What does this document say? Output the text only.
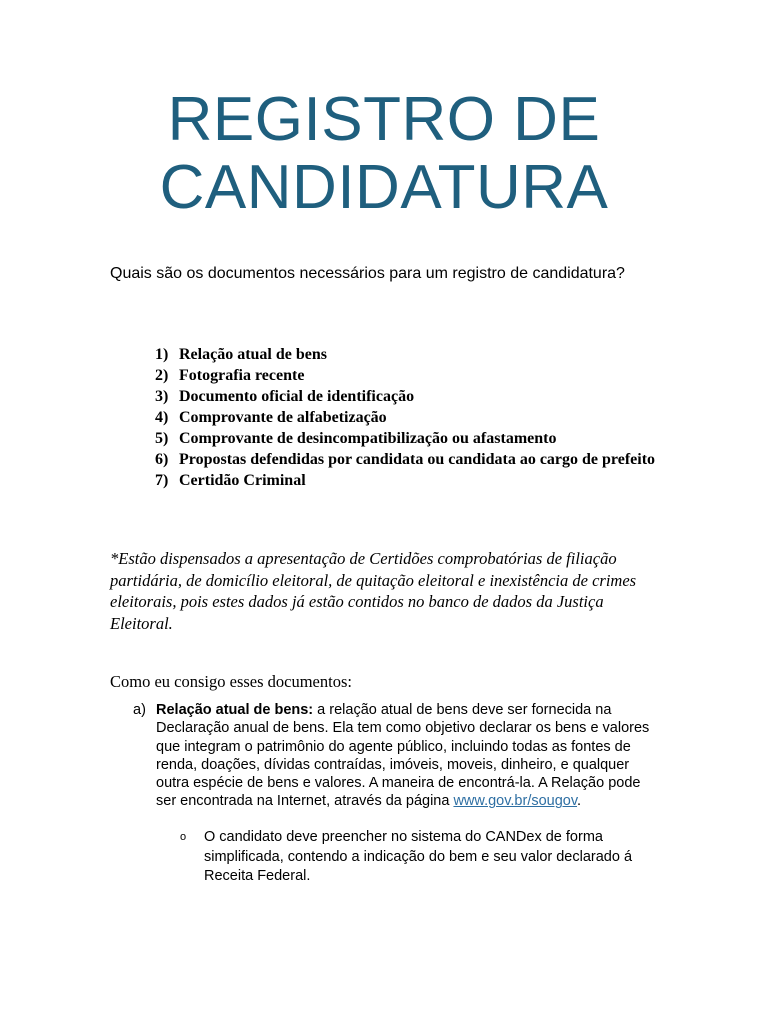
REGISTRO DE
CANDIDATURA

Quais são os documentos necessários para um registro de candidatura?

1) Relação atual de bens
2) Fotografia recente
3) Documento oficial de identificação
4) Comprovante de alfabetização
5) Comprovante de desincompatibilização ou afastamento
6) Propostas defendidas por candidata ou candidata ao cargo de prefeito
7) Certidão Criminal

*Estão dispensados a apresentação de Certidões comprobatórias de filiação partidária, de domicílio eleitoral, de quitação eleitoral e inexistência de crimes eleitorais, pois estes dados já estão contidos no banco de dados da Justiça Eleitoral.

Como eu consigo esses documentos:

a) Relação atual de bens: a relação atual de bens deve ser fornecida na Declaração anual de bens. Ela tem como objetivo declarar os bens e valores que integram o patrimônio do agente público, incluindo todas as fontes de renda, doações, dívidas contraídas, imóveis, moveis, dinheiro, e qualquer outra espécie de bens e valores. A maneira de encontrá-la. A Relação pode ser encontrada na Internet, através da página www.gov.br/sougov.
o	O candidato deve preencher no sistema do CANDex de forma simplificada, contendo a indicação do bem e seu valor declarado á Receita Federal.
